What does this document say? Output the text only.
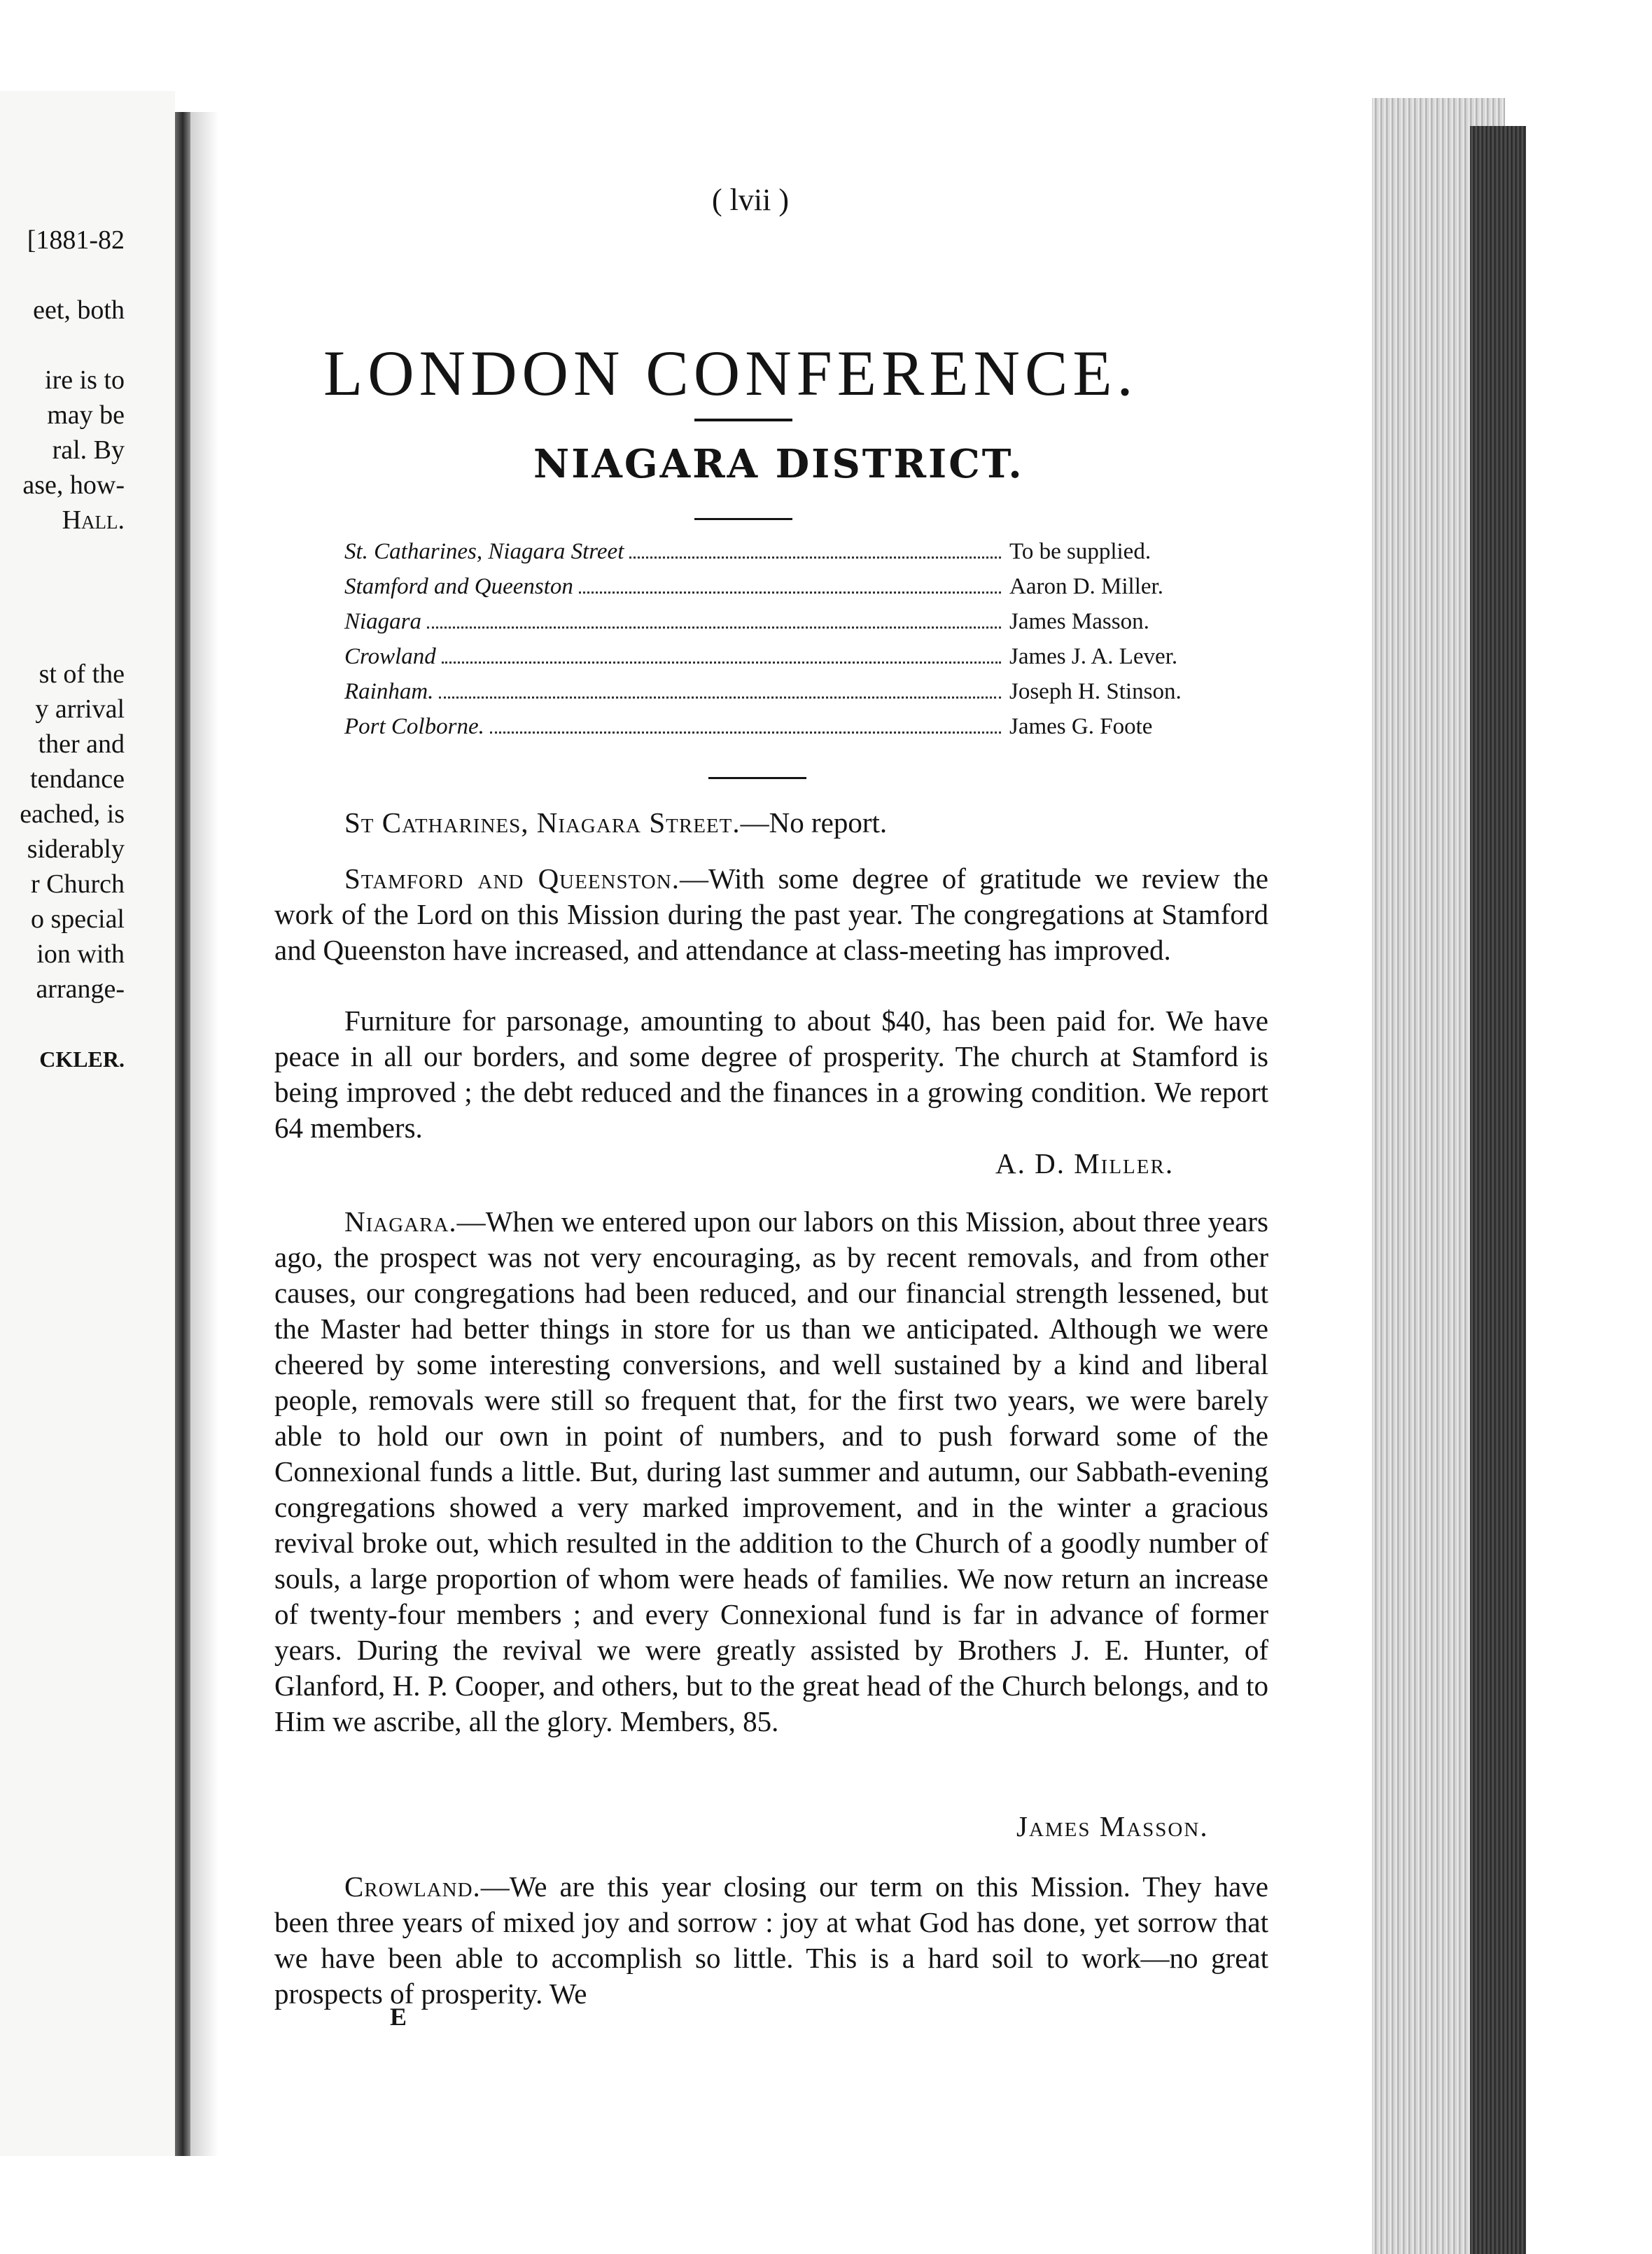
[1881-82
eet, both
ire is to
may be
ral. By
ase, how-
Hall.
st of the
y arrival
ther and
tendance
eached, is
siderably
r Church
o special
ion with
arrange-
CKLER.
( lvii )
LONDON CONFERENCE.
NIAGARA DISTRICT.
St. Catharines, Niagara Street	To be supplied.
Stamford and Queenston	Aaron D. Miller.
Niagara	James Masson.
Crowland	James J. A. Lever.
Rainham.	Joseph H. Stinson.
Port Colborne.	James G. Foote
St Catharines, Niagara Street.—No report.
Stamford and Queenston.—With some degree of gratitude we review the work of the Lord on this Mission during the past year. The congregations at Stamford and Queenston have increased, and attendance at class-meeting has improved.
Furniture for parsonage, amounting to about $40, has been paid for. We have peace in all our borders, and some degree of prosperity. The church at Stamford is being improved ; the debt reduced and the finances in a growing condition. We report 64 members.
A. D. Miller.
Niagara.—When we entered upon our labors on this Mission, about three years ago, the prospect was not very encouraging, as by recent removals, and from other causes, our congregations had been reduced, and our financial strength lessened, but the Master had better things in store for us than we anticipated. Although we were cheered by some interesting conversions, and well sustained by a kind and liberal people, removals were still so frequent that, for the first two years, we were barely able to hold our own in point of numbers, and to push forward some of the Connexional funds a little. But, during last summer and autumn, our Sabbath-evening congregations showed a very marked improvement, and in the winter a gracious revival broke out, which resulted in the addition to the Church of a goodly number of souls, a large proportion of whom were heads of families. We now return an increase of twenty-four members ; and every Connexional fund is far in advance of former years. During the revival we were greatly assisted by Brothers J. E. Hunter, of Glanford, H. P. Cooper, and others, but to the great head of the Church belongs, and to Him we ascribe, all the glory. Members, 85.
James Masson.
Crowland.—We are this year closing our term on this Mission. They have been three years of mixed joy and sorrow : joy at what God has done, yet sorrow that we have been able to accomplish so little. This is a hard soil to work—no great prospects of prosperity. We
E
